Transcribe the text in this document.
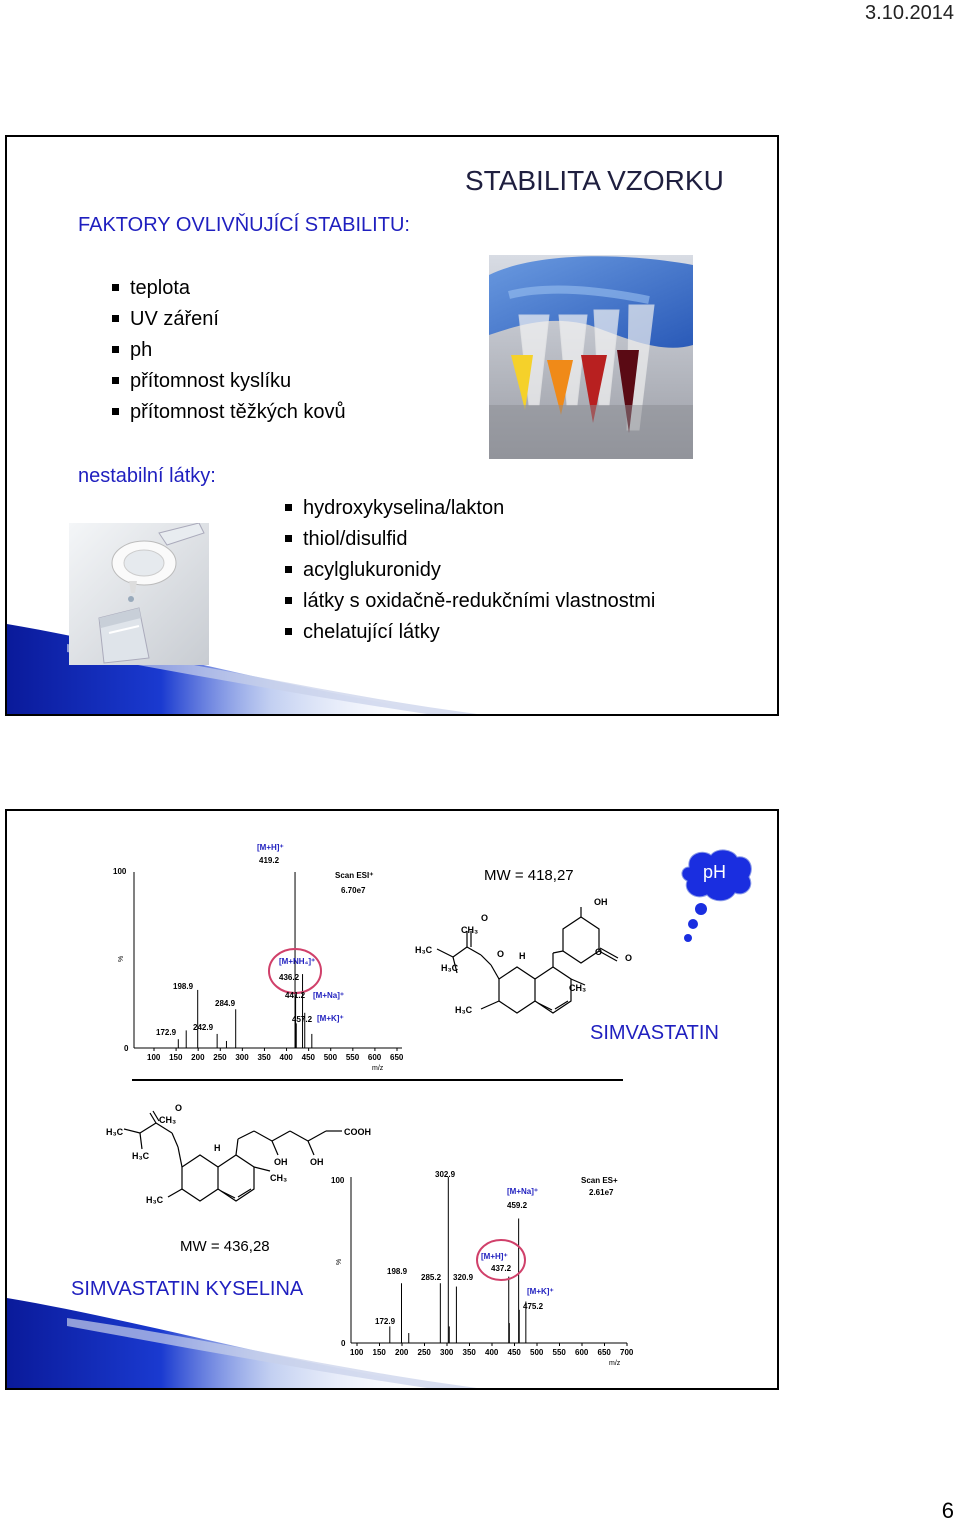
3.10.2014
STABILITA VZORKU
FAKTORY OVLIVŇUJÍCÍ STABILITU:
teplota
UV záření
ph
přítomnost kyslíku
přítomnost těžkých kovů
nestabilní látky:
hydroxykyselina/lakton
thiol/disulfid
acylglukuronidy
látky s oxidačně-redukčními vlastnostmi
chelatující látky
100
0
%
m/z
Scan ESI⁺
6.70e7
100 150 200 250 300 350 400 450 500 550 600 650
[M+H]⁺
419.2
[M+NH₄]⁺
436.2
441.2 [M+Na]⁺
457.2 [M+K]⁺
198.9
284.9
172.9
242.9
MW = 418,27	pH
OH
O
O
O
O
CH₃
H₃C
H₃C
H
CH₃
H₃C
SIMVASTATIN
O
CH₃
COOH
H₃C
H₃C
H
OH	OH
CH₃
H₃C
MW = 436,28
SIMVASTATIN KYSELINA
100
0
%
m/z
Scan ES+
2.61e7
100 150 200 250 300 350 400 450 500 550 600 650 700
302.9
[M+Na]⁺
459.2
[M+H]⁺
437.2
[M+K]⁺
475.2
198.9
285.2 320.9
172.9
6
